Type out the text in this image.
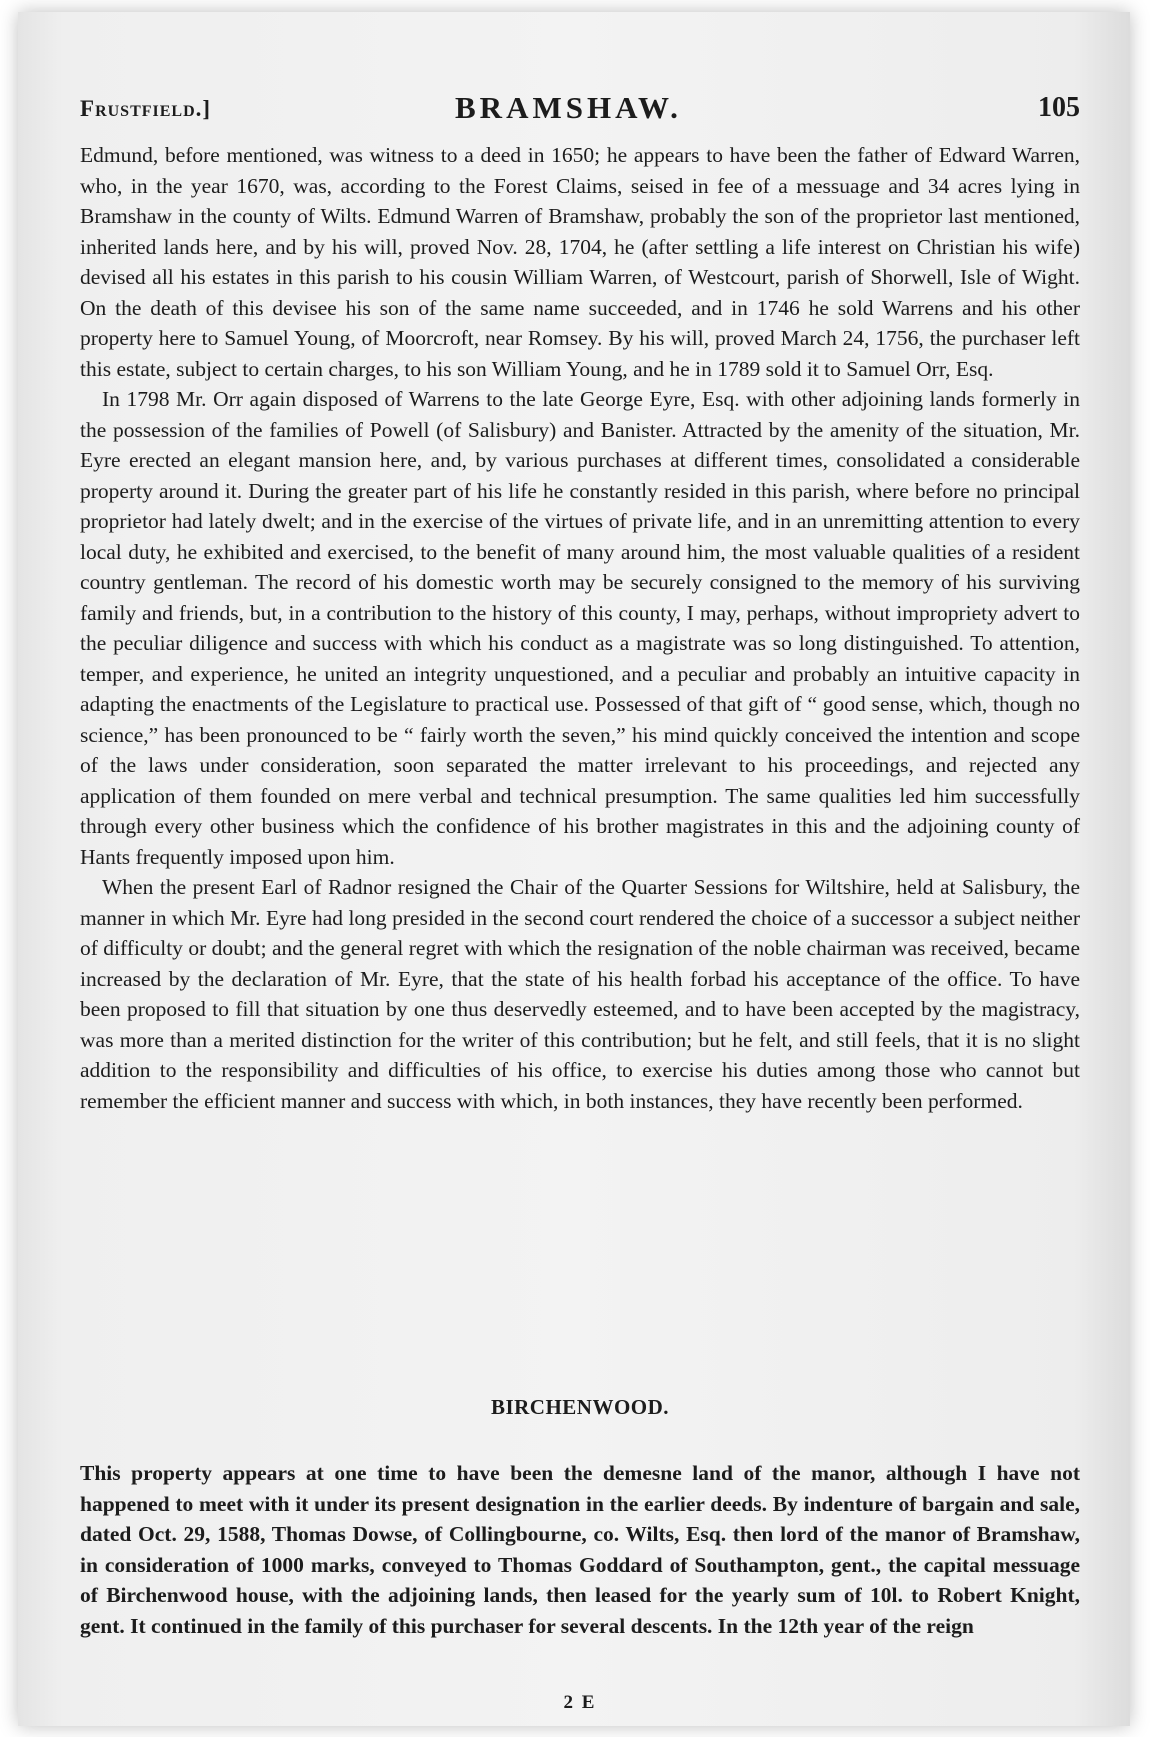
Frustfield.]	BRAMSHAW.	105

Edmund, before mentioned, was witness to a deed in 1650; he appears to have been the father of Edward Warren, who, in the year 1670, was, according to the Forest Claims, seised in fee of a messuage and 34 acres lying in Bramshaw in the county of Wilts. Edmund Warren of Bramshaw, probably the son of the proprietor last mentioned, inherited lands here, and by his will, proved Nov. 28, 1704, he (after settling a life interest on Christian his wife) devised all his estates in this parish to his cousin William Warren, of Westcourt, parish of Shorwell, Isle of Wight. On the death of this devisee his son of the same name succeeded, and in 1746 he sold Warrens and his other property here to Samuel Young, of Moorcroft, near Romsey. By his will, proved March 24, 1756, the purchaser left this estate, subject to certain charges, to his son William Young, and he in 1789 sold it to Samuel Orr, Esq.

In 1798 Mr. Orr again disposed of Warrens to the late George Eyre, Esq. with other adjoining lands formerly in the possession of the families of Powell (of Salisbury) and Banister. Attracted by the amenity of the situation, Mr. Eyre erected an elegant mansion here, and, by various purchases at different times, consolidated a considerable property around it. During the greater part of his life he constantly resided in this parish, where before no principal proprietor had lately dwelt; and in the exercise of the virtues of private life, and in an unremitting attention to every local duty, he exhibited and exercised, to the benefit of many around him, the most valuable qualities of a resident country gentleman. The record of his domestic worth may be securely consigned to the memory of his surviving family and friends, but, in a contribution to the history of this county, I may, perhaps, without impropriety advert to the peculiar diligence and success with which his conduct as a magistrate was so long distinguished. To attention, temper, and experience, he united an integrity unquestioned, and a peculiar and probably an intuitive capacity in adapting the enactments of the Legislature to practical use. Possessed of that gift of “ good sense, which, though no science,” has been pronounced to be “ fairly worth the seven,” his mind quickly conceived the intention and scope of the laws under consideration, soon separated the matter irrelevant to his proceedings, and rejected any application of them founded on mere verbal and technical presumption. The same qualities led him successfully through every other business which the confidence of his brother magistrates in this and the adjoining county of Hants frequently imposed upon him.

When the present Earl of Radnor resigned the Chair of the Quarter Sessions for Wiltshire, held at Salisbury, the manner in which Mr. Eyre had long presided in the second court rendered the choice of a successor a subject neither of difficulty or doubt; and the general regret with which the resignation of the noble chairman was received, became increased by the declaration of Mr. Eyre, that the state of his health forbad his acceptance of the office. To have been proposed to fill that situation by one thus deservedly esteemed, and to have been accepted by the magistracy, was more than a merited distinction for the writer of this contribution; but he felt, and still feels, that it is no slight addition to the responsibility and difficulties of his office, to exercise his duties among those who cannot but remember the efficient manner and success with which, in both instances, they have recently been performed.

BIRCHENWOOD.

This property appears at one time to have been the demesne land of the manor, although I have not happened to meet with it under its present designation in the earlier deeds. By indenture of bargain and sale, dated Oct. 29, 1588, Thomas Dowse, of Collingbourne, co. Wilts, Esq. then lord of the manor of Bramshaw, in consideration of 1000 marks, conveyed to Thomas Goddard of Southampton, gent., the capital messuage of Birchenwood house, with the adjoining lands, then leased for the yearly sum of 10l. to Robert Knight, gent. It continued in the family of this purchaser for several descents. In the 12th year of the reign

2 E
